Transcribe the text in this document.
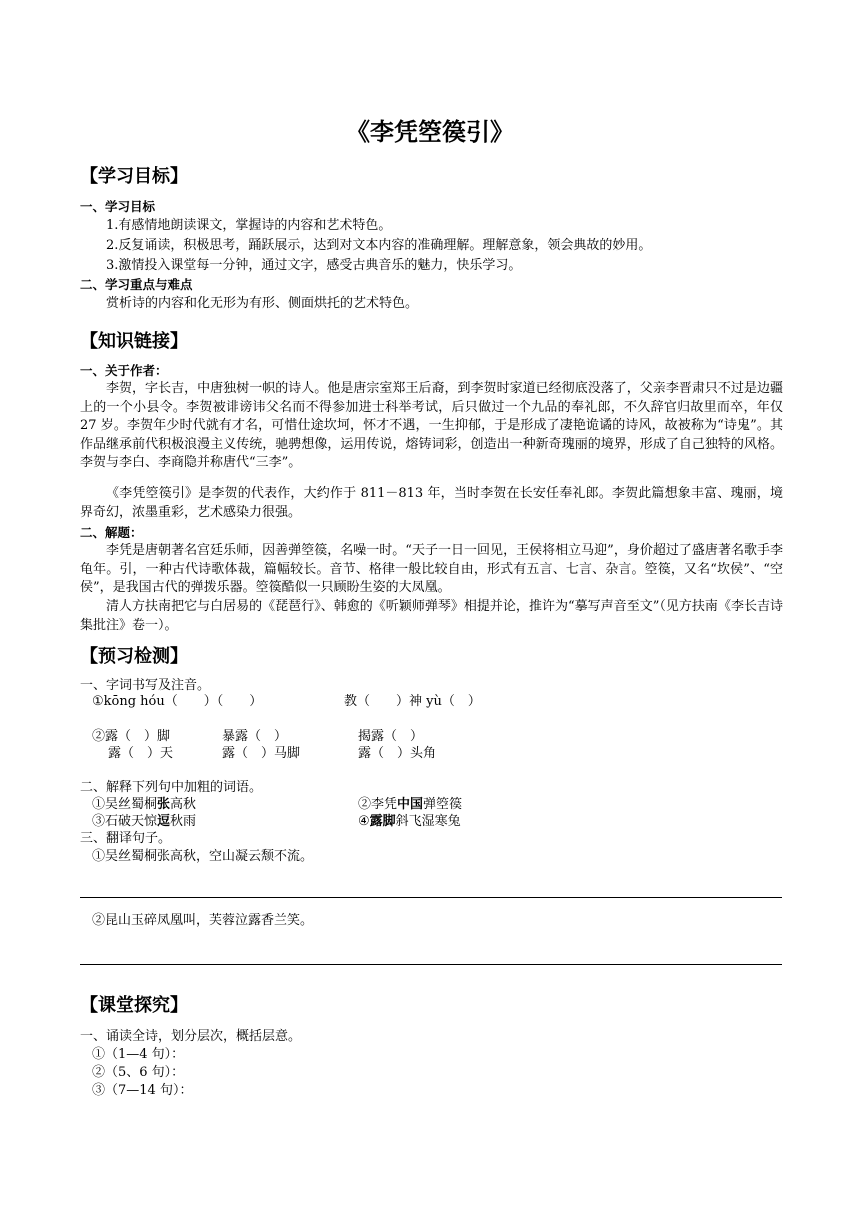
《李凭箜篌引》
【学习目标】
一、学习目标
1.有感情地朗读课文，掌握诗的内容和艺术特色。
2.反复诵读，积极思考，踊跃展示，达到对文本内容的准确理解。理解意象，领会典故的妙用。
3.激情投入课堂每一分钟，通过文字，感受古典音乐的魅力，快乐学习。
二、学习重点与难点
赏析诗的内容和化无形为有形、侧面烘托的艺术特色。
【知识链接】
一、关于作者：
李贺，字长吉，中唐独树一帜的诗人。他是唐宗室郑王后裔，到李贺时家道已经彻底没落了，父亲李晋肃只不过是边疆上的一个小县令。李贺被诽谤讳父名而不得参加进士科举考试，后只做过一个九品的奉礼郎，不久辞官归故里而卒，年仅 27 岁。李贺年少时代就有才名，可惜仕途坎坷，怀才不遇，一生抑郁，于是形成了凄艳诡谲的诗风，故被称为“诗鬼”。其作品继承前代积极浪漫主义传统，驰骋想像，运用传说，熔铸词彩，创造出一种新奇瑰丽的境界，形成了自己独特的风格。李贺与李白、李商隐并称唐代“三李”。
《李凭箜篌引》是李贺的代表作，大约作于 811－813 年，当时李贺在长安任奉礼郎。李贺此篇想象丰富、瑰丽，境界奇幻，浓墨重彩，艺术感染力很强。
二、解题：
李凭是唐朝著名宫廷乐师，因善弹箜篌，名噪一时。“天子一日一回见，王侯将相立马迎”，身价超过了盛唐著名歌手李龟年。引，一种古代诗歌体裁，篇幅较长。音节、格律一般比较自由，形式有五言、七言、杂言。箜篌，又名“坎侯”、“空侯”，是我国古代的弹拨乐器。箜篌酷似一只顾盼生姿的大凤凰。
清人方扶南把它与白居易的《琵琶行》、韩愈的《听颖师弹琴》相提并论，推许为“摹写声音至文”（见方扶南《李长吉诗集批注》卷一）。
【预习检测】
一、字词书写及注音。
①kōng hóu（　　）（　　）	教（　　）神 yù（　）
②露（　）脚	暴露（　）	揭露（　）
露（　）天	露（　）马脚	露（　）头角
二、解释下列句中加粗的词语。
①吴丝蜀桐张高秋	②李凭中国弹箜篌
③石破天惊逗秋雨	④露脚斜飞湿寒兔
三、翻译句子。
①吴丝蜀桐张高秋，空山凝云颓不流。
②昆山玉碎凤凰叫，芙蓉泣露香兰笑。
【课堂探究】
一、诵读全诗，划分层次，概括层意。
①（1—4 句）：
②（5、6 句）：
③（7—14 句）：
